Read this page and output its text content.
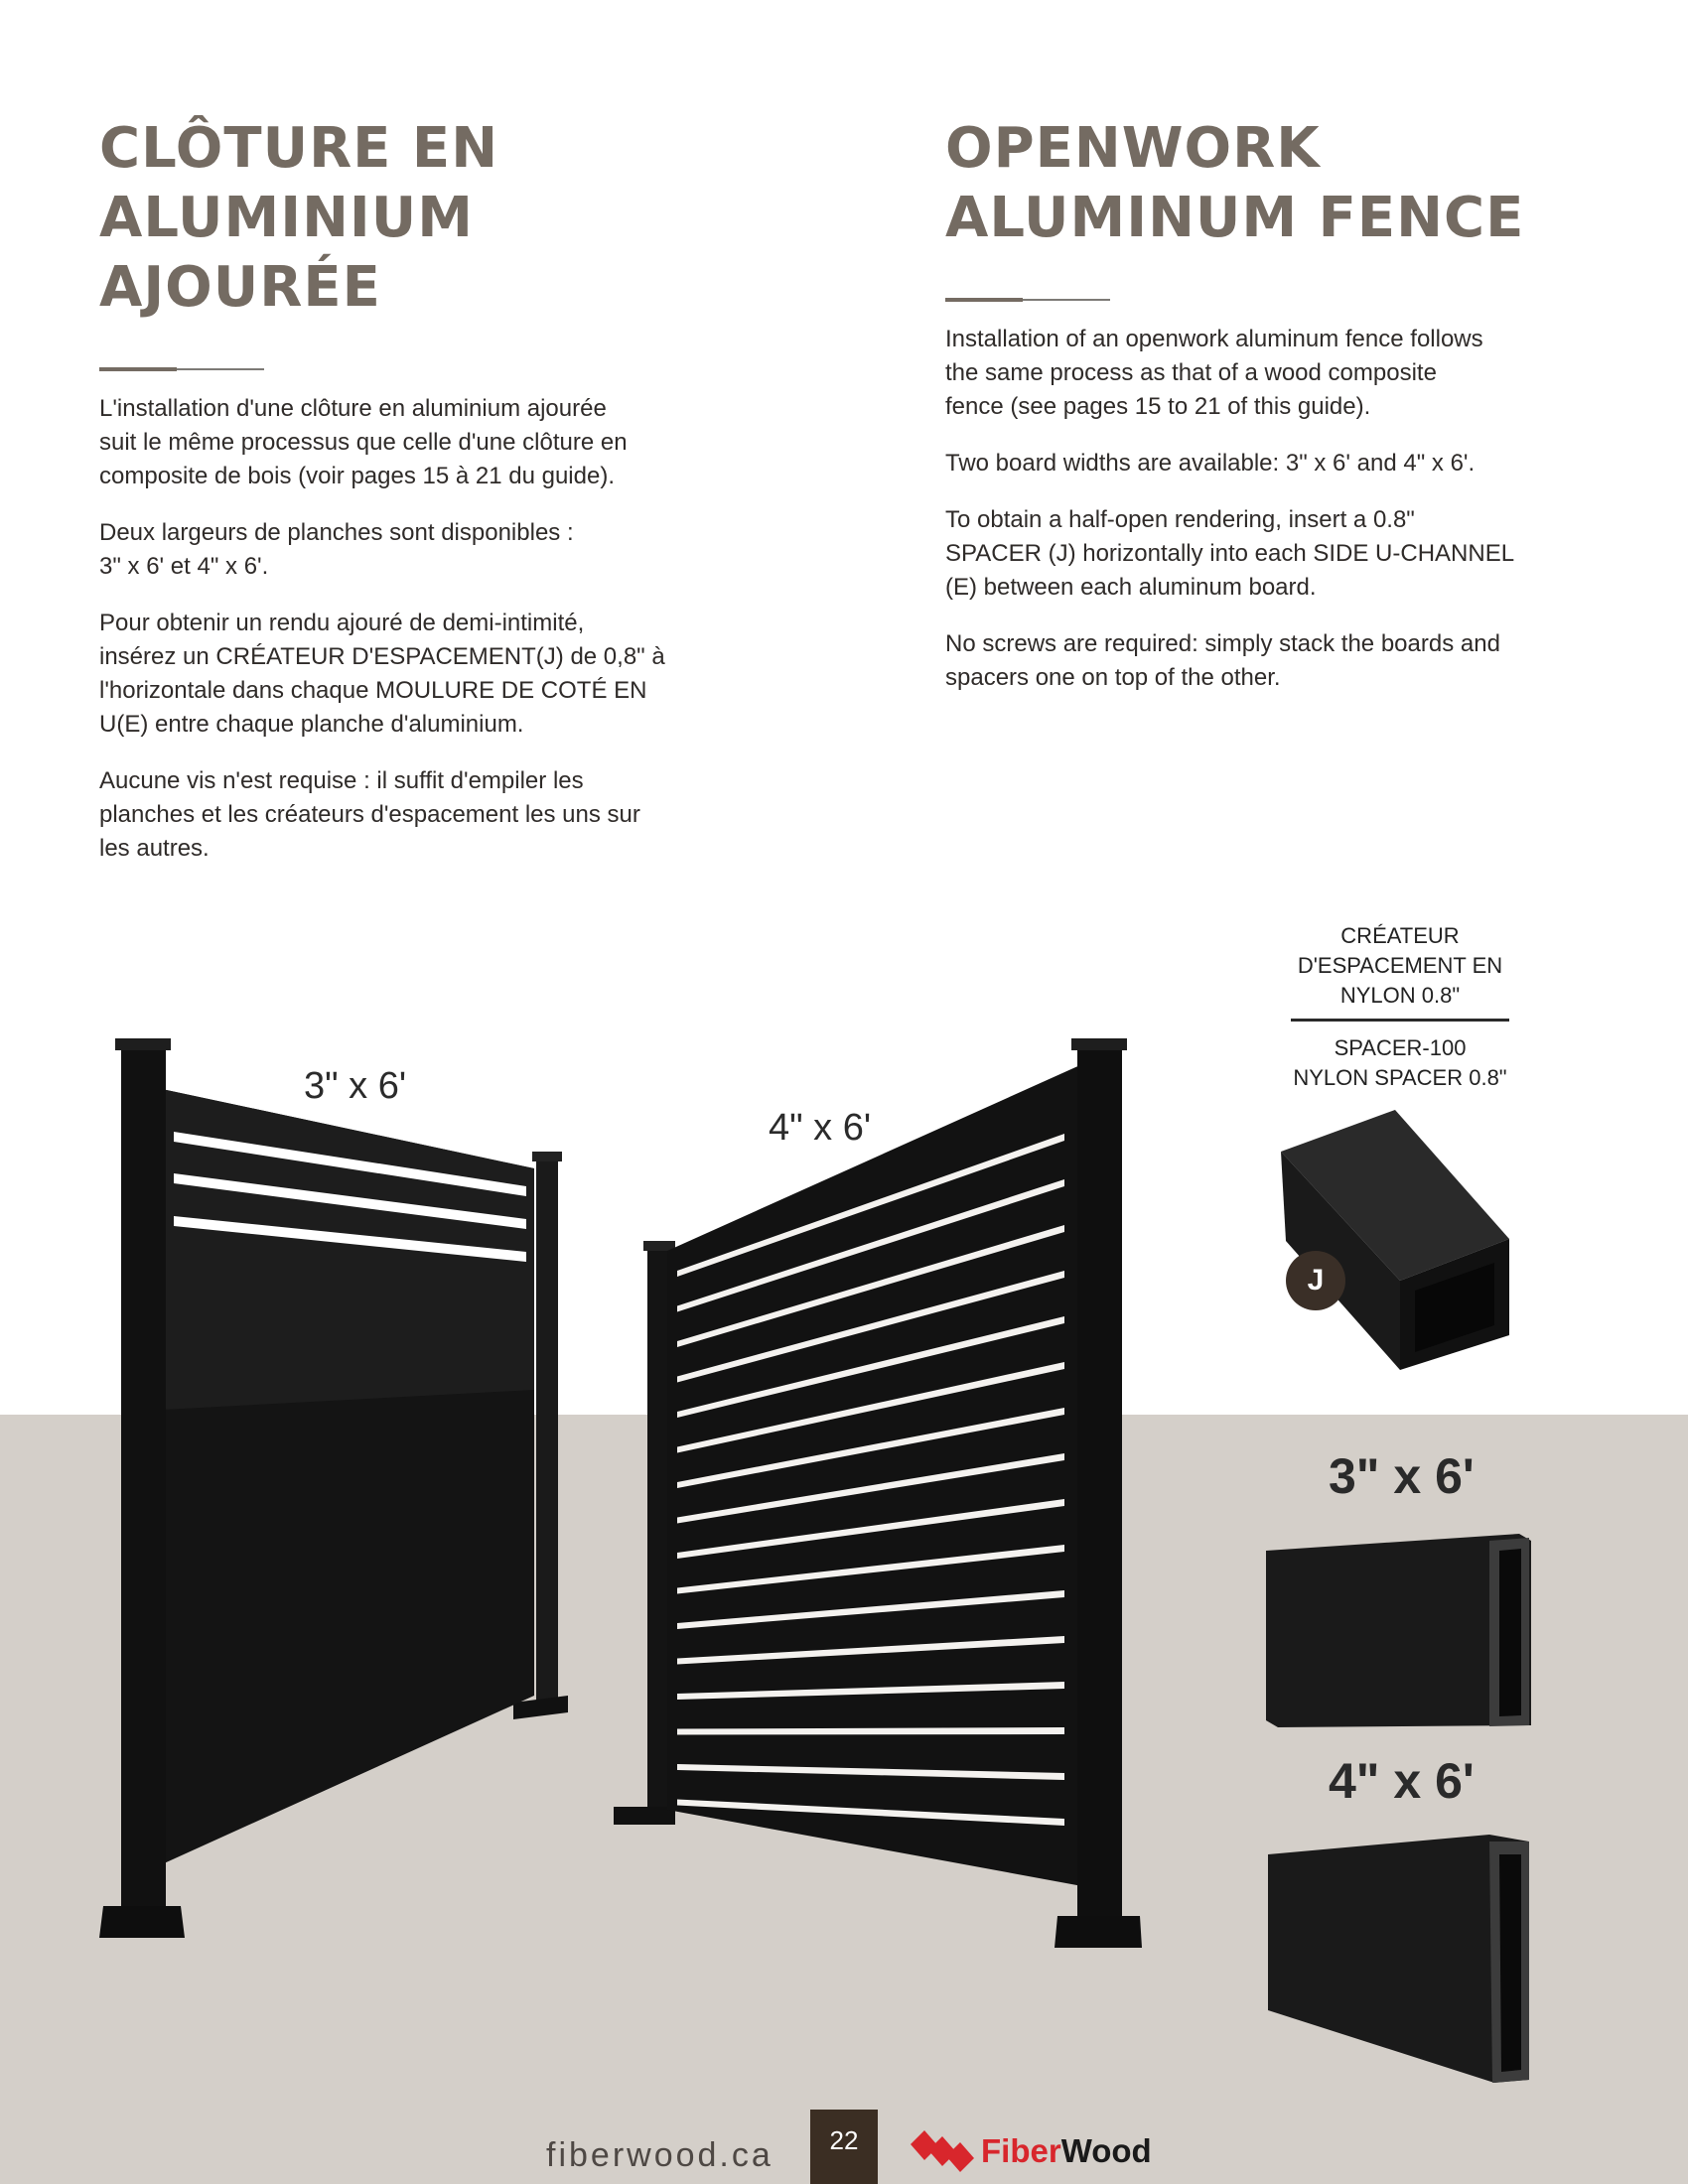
CLÔTURE EN
ALUMINIUM AJOURÉE

L'installation d'une clôture en aluminium ajourée
suit le même processus que celle d'une clôture en
composite de bois (voir pages 15 à 21 du guide).

Deux largeurs de planches sont disponibles :
3" x 6' et 4" x 6'.

Pour obtenir un rendu ajouré de demi-intimité,
insérez un CRÉATEUR D'ESPACEMENT(J) de 0,8" à
l'horizontale dans chaque MOULURE DE COTÉ EN
U(E) entre chaque planche d'aluminium.

Aucune vis n'est requise : il suffit d'empiler les
planches et les créateurs d'espacement les uns sur
les autres.

OPENWORK
ALUMINUM FENCE

Installation of an openwork aluminum fence follows
the same process as that of a wood composite
fence (see pages 15 to 21 of this guide).

Two board widths are available: 3" x 6' and 4" x 6'.

To obtain a half-open rendering, insert a 0.8"
SPACER (J) horizontally into each SIDE U-CHANNEL
(E) between each aluminum board.

No screws are required: simply stack the boards and
spacers one on top of the other.

3" x 6'
4" x 6'
CRÉATEUR
D'ESPACEMENT EN
NYLON 0.8"
SPACER-100
NYLON SPACER 0.8"
J
3" x 6'
4" x 6'
fiberwood.ca	22	FiberWood
